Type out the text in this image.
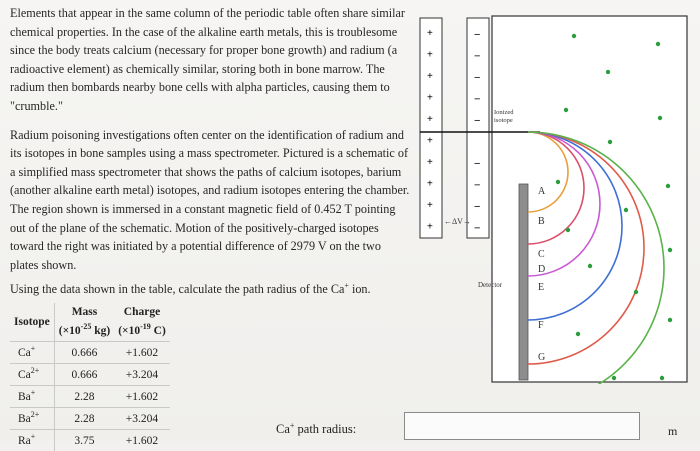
Elements that appear in the same column of the periodic table often share similar chemical properties. In the case of the alkaline earth metals, this is troublesome since the body treats calcium (necessary for proper bone growth) and radium (a radioactive element) as chemically similar, storing both in bone marrow. The radium then bombards nearby bone cells with alpha particles, causing them to "crumble."

Radium poisoning investigations often center on the identification of radium and its isotopes in bone samples using a mass spectrometer. Pictured is a schematic of a simplified mass spectrometer that shows the paths of calcium isotopes, barium (another alkaline earth metal) isotopes, and radium isotopes entering the chamber. The region shown is immersed in a constant magnetic field of 0.452 T pointing out of the plane of the schematic. Motion of the positively-charged isotopes toward the right was initiated by a potential difference of 2979 V on the two plates shown.

Using the data shown in the table, calculate the path radius of the Ca+ ion.

Isotope	Mass	Charge
	($\times 10^{-25}$ kg)	($\times 10^{-19}$ C)
Ca+	0.666	+1.602
$Ca^{2+}$	0.666	+3.204
Ba+	2.28	+1.602
$Ba^{2+}$	2.28	+3.204
Ra+	3.75	+1.602
Ca+ path radius:	m
+
+
+
+
+
+
+
+
+
+
−
−
−
−
−
−
−
−
−
Ionized
isotope
Detector
←ΔV→
A
B
C
D
E
F
G
